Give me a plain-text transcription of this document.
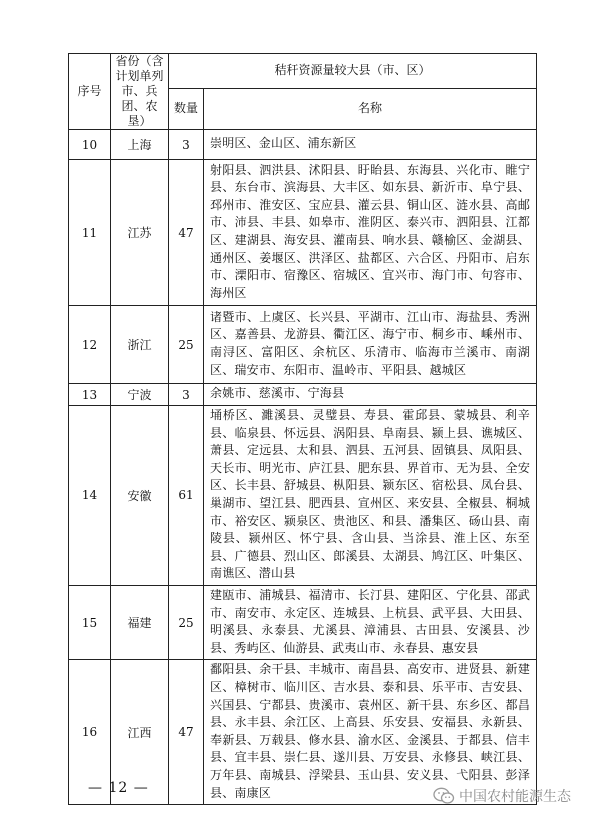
序号	省份（含计划单列市、兵团、农垦）	秸秆资源量较大县（市、区）	
		数量	名称
10	上海	3	崇明区、金山区、浦东新区
11	江苏	47	射阳县、泗洪县、沭阳县、盱眙县、东海县、兴化市、睢宁县、东台市、滨海县、大丰区、如东县、新沂市、阜宁县、邳州市、淮安区、宝应县、灌云县、铜山区、涟水县、高邮市、沛县、丰县、如皋市、淮阴区、泰兴市、泗阳县、江都区、建湖县、海安县、灌南县、响水县、赣榆区、金湖县、通州区、姜堰区、洪泽区、盐都区、六合区、丹阳市、启东市、溧阳市、宿豫区、宿城区、宜兴市、海门市、句容市、海州区
12	浙江	25	诸暨市、上虞区、长兴县、平湖市、江山市、海盐县、秀洲区、嘉善县、龙游县、衢江区、海宁市、桐乡市、嵊州市、南浔区、富阳区、余杭区、乐清市、临海市兰溪市、南湖区、瑞安市、东阳市、温岭市、平阳县、越城区
13	宁波	3	余姚市、慈溪市、宁海县
14	安徽	61	埇桥区、濉溪县、灵璧县、寿县、霍邱县、蒙城县、利辛县、临泉县、怀远县、涡阳县、阜南县、颍上县、谯城区、萧县、定远县、太和县、泗县、五河县、固镇县、凤阳县、天长市、明光市、庐江县、肥东县、界首市、无为县、全安区、长丰县、舒城县、枞阳县、颍东区、宿松县、凤台县、巢湖市、望江县、肥西县、宣州区、来安县、全椒县、桐城市、裕安区、颍泉区、贵池区、和县、潘集区、砀山县、南陵县、颍州区、怀宁县、含山县、当涂县、淮上区、东至县、广德县、烈山区、郎溪县、太湖县、鸠江区、叶集区、南谯区、潜山县
15	福建	25	建瓯市、浦城县、福清市、长汀县、建阳区、宁化县、邵武市、南安市、永定区、连城县、上杭县、武平县、大田县、明溪县、永泰县、尤溪县、漳浦县、古田县、安溪县、沙县、秀屿区、仙游县、武夷山市、永春县、惠安县
16	江西	47	鄱阳县、余干县、丰城市、南昌县、高安市、进贤县、新建区、樟树市、临川区、吉水县、泰和县、乐平市、吉安县、兴国县、宁都县、贵溪市、袁州区、新干县、东乡区、都昌县、永丰县、余江区、上高县、乐安县、安福县、永新县、奉新县、万载县、修水县、渝水区、金溪县、于都县、信丰县、宜丰县、崇仁县、遂川县、万安县、永修县、峡江县、万年县、南城县、浮梁县、玉山县、安义县、弋阳县、彭泽县、南康区
— 12 —
中国农村能源生态
